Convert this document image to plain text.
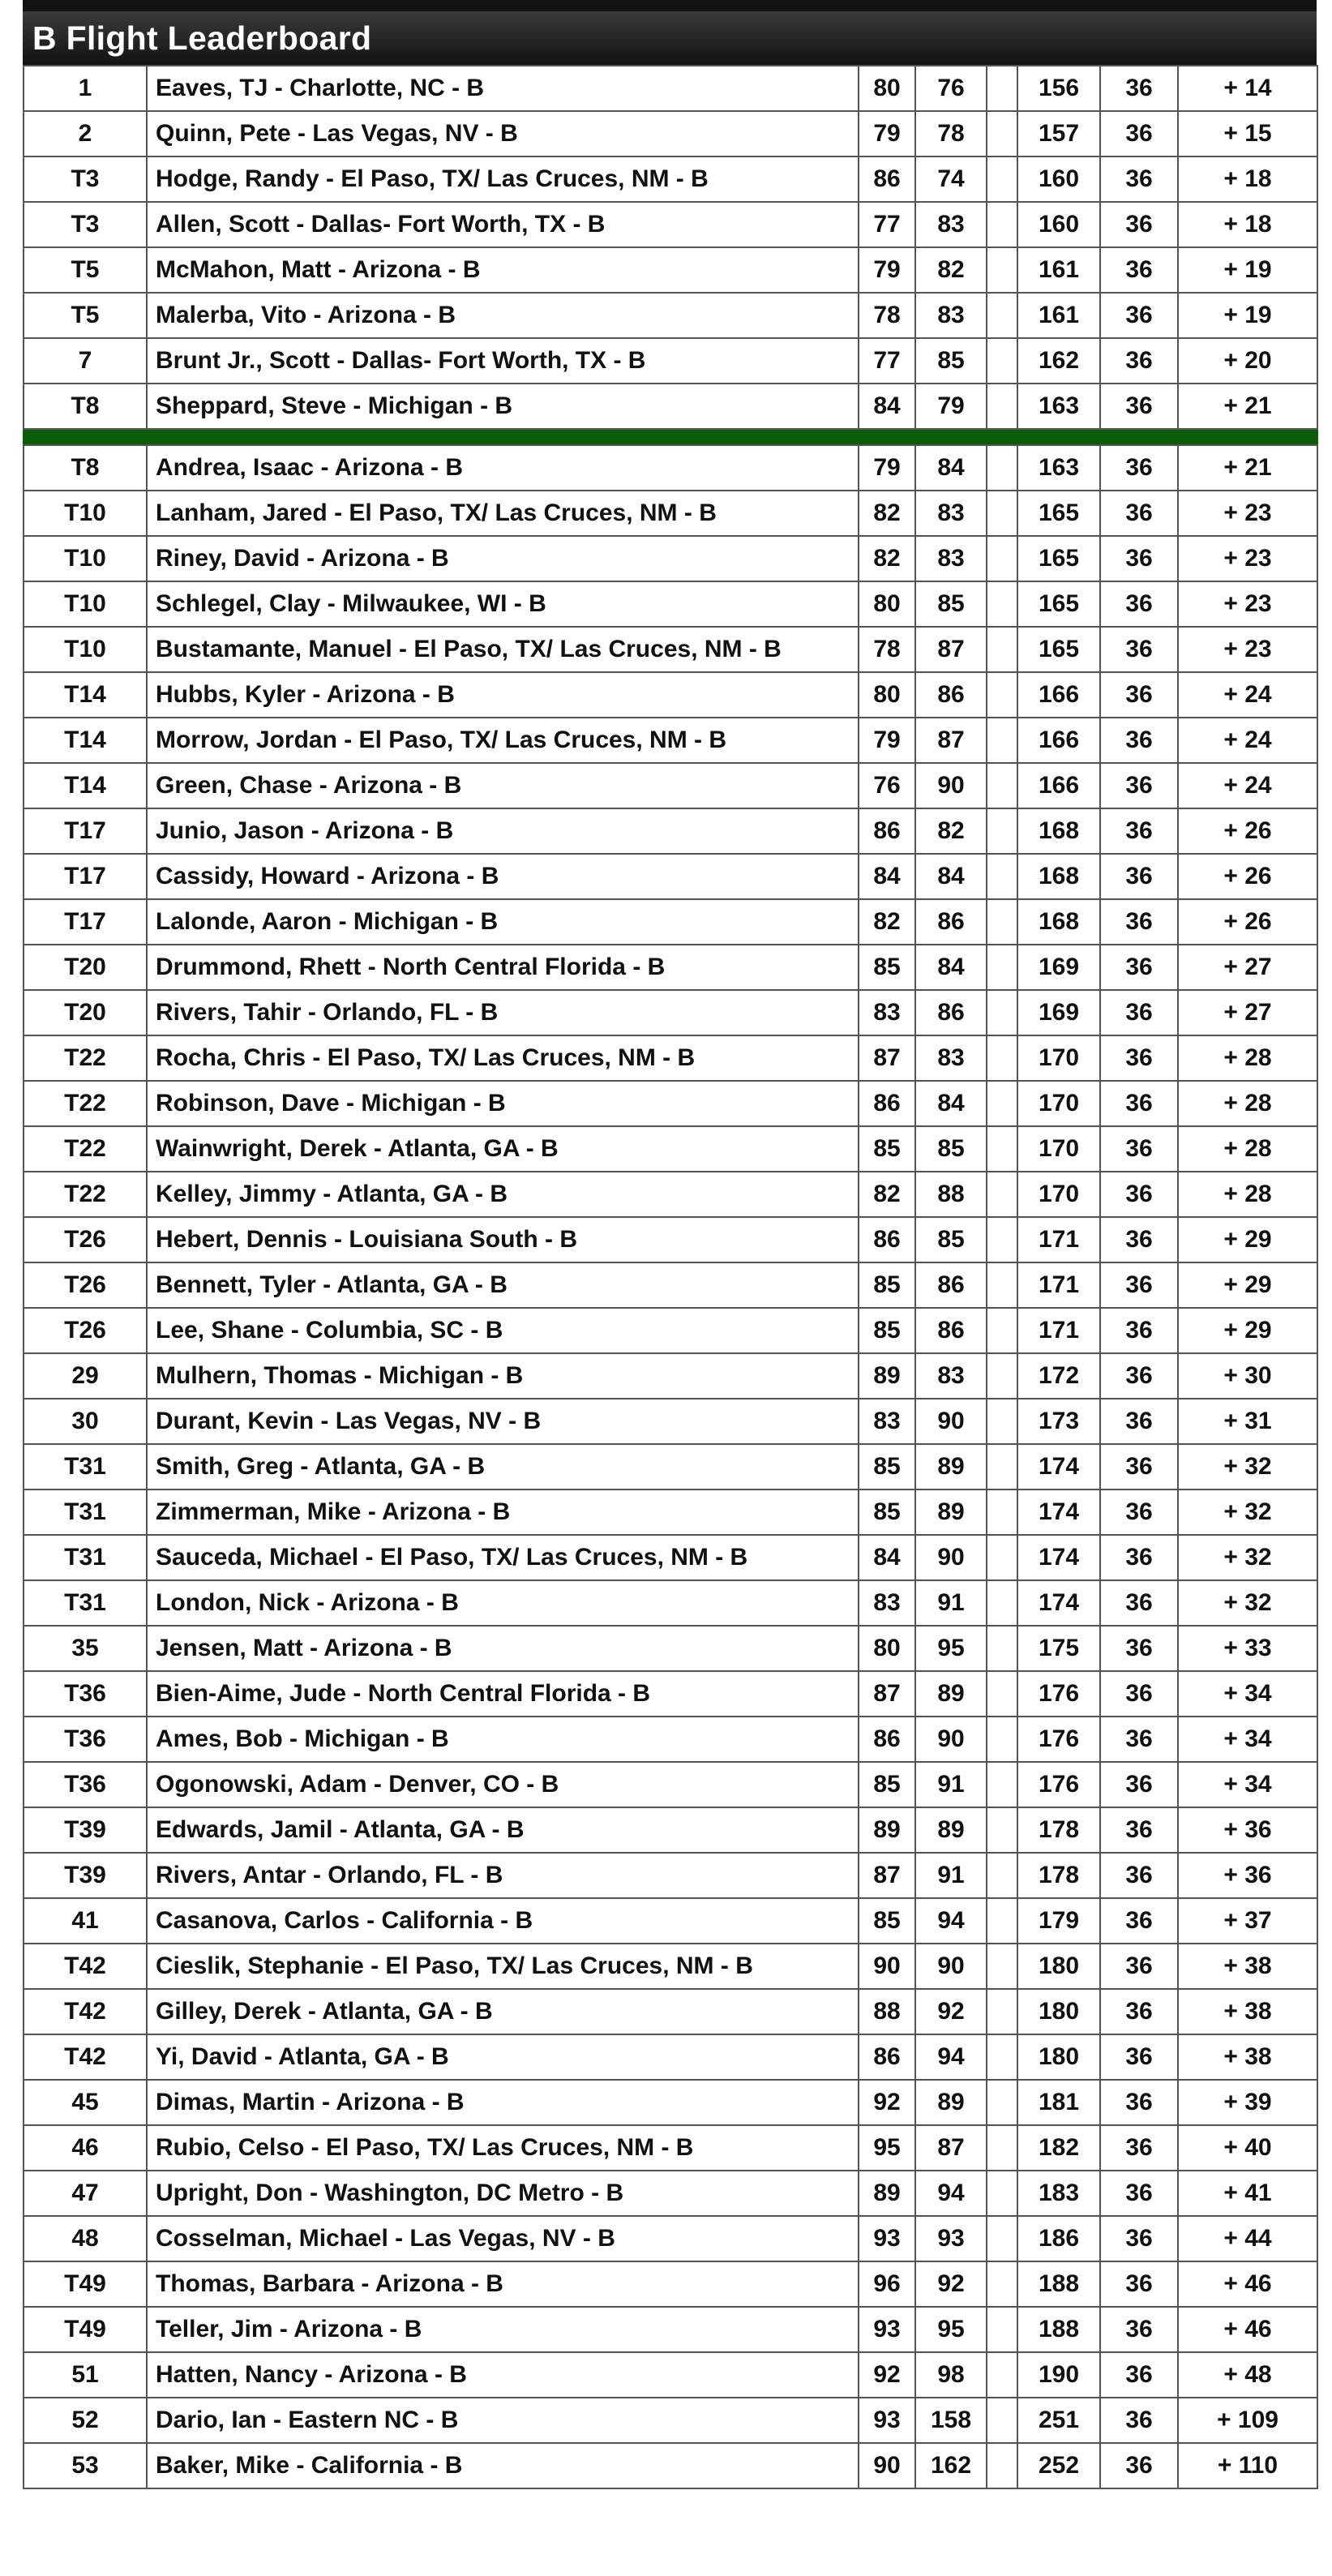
B Flight Leaderboard
1	Eaves, TJ - Charlotte, NC - B	80	76		156	36	+ 14
2	Quinn, Pete - Las Vegas, NV - B	79	78		157	36	+ 15
T3	Hodge, Randy - El Paso, TX/ Las Cruces, NM - B	86	74		160	36	+ 18
T3	Allen, Scott - Dallas- Fort Worth, TX - B	77	83		160	36	+ 18
T5	McMahon, Matt - Arizona - B	79	82		161	36	+ 19
T5	Malerba, Vito - Arizona - B	78	83		161	36	+ 19
7	Brunt Jr., Scott - Dallas- Fort Worth, TX - B	77	85		162	36	+ 20
T8	Sheppard, Steve - Michigan - B	84	79		163	36	+ 21

T8	Andrea, Isaac - Arizona - B	79	84		163	36	+ 21
T10	Lanham, Jared - El Paso, TX/ Las Cruces, NM - B	82	83		165	36	+ 23
T10	Riney, David - Arizona - B	82	83		165	36	+ 23
T10	Schlegel, Clay - Milwaukee, WI - B	80	85		165	36	+ 23
T10	Bustamante, Manuel - El Paso, TX/ Las Cruces, NM - B	78	87		165	36	+ 23
T14	Hubbs, Kyler - Arizona - B	80	86		166	36	+ 24
T14	Morrow, Jordan - El Paso, TX/ Las Cruces, NM - B	79	87		166	36	+ 24
T14	Green, Chase - Arizona - B	76	90		166	36	+ 24
T17	Junio, Jason - Arizona - B	86	82		168	36	+ 26
T17	Cassidy, Howard - Arizona - B	84	84		168	36	+ 26
T17	Lalonde, Aaron - Michigan - B	82	86		168	36	+ 26
T20	Drummond, Rhett - North Central Florida - B	85	84		169	36	+ 27
T20	Rivers, Tahir - Orlando, FL - B	83	86		169	36	+ 27
T22	Rocha, Chris - El Paso, TX/ Las Cruces, NM - B	87	83		170	36	+ 28
T22	Robinson, Dave - Michigan - B	86	84		170	36	+ 28
T22	Wainwright, Derek - Atlanta, GA - B	85	85		170	36	+ 28
T22	Kelley, Jimmy - Atlanta, GA - B	82	88		170	36	+ 28
T26	Hebert, Dennis - Louisiana South - B	86	85		171	36	+ 29
T26	Bennett, Tyler - Atlanta, GA - B	85	86		171	36	+ 29
T26	Lee, Shane - Columbia, SC - B	85	86		171	36	+ 29
29	Mulhern, Thomas - Michigan - B	89	83		172	36	+ 30
30	Durant, Kevin - Las Vegas, NV - B	83	90		173	36	+ 31
T31	Smith, Greg - Atlanta, GA - B	85	89		174	36	+ 32
T31	Zimmerman, Mike - Arizona - B	85	89		174	36	+ 32
T31	Sauceda, Michael - El Paso, TX/ Las Cruces, NM - B	84	90		174	36	+ 32
T31	London, Nick - Arizona - B	83	91		174	36	+ 32
35	Jensen, Matt - Arizona - B	80	95		175	36	+ 33
T36	Bien-Aime, Jude - North Central Florida - B	87	89		176	36	+ 34
T36	Ames, Bob - Michigan - B	86	90		176	36	+ 34
T36	Ogonowski, Adam - Denver, CO - B	85	91		176	36	+ 34
T39	Edwards, Jamil - Atlanta, GA - B	89	89		178	36	+ 36
T39	Rivers, Antar - Orlando, FL - B	87	91		178	36	+ 36
41	Casanova, Carlos - California - B	85	94		179	36	+ 37
T42	Cieslik, Stephanie - El Paso, TX/ Las Cruces, NM - B	90	90		180	36	+ 38
T42	Gilley, Derek - Atlanta, GA - B	88	92		180	36	+ 38
T42	Yi, David - Atlanta, GA - B	86	94		180	36	+ 38
45	Dimas, Martin - Arizona - B	92	89		181	36	+ 39
46	Rubio, Celso - El Paso, TX/ Las Cruces, NM - B	95	87		182	36	+ 40
47	Upright, Don - Washington, DC Metro - B	89	94		183	36	+ 41
48	Cosselman, Michael - Las Vegas, NV - B	93	93		186	36	+ 44
T49	Thomas, Barbara - Arizona - B	96	92		188	36	+ 46
T49	Teller, Jim - Arizona - B	93	95		188	36	+ 46
51	Hatten, Nancy - Arizona - B	92	98		190	36	+ 48
52	Dario, Ian - Eastern NC - B	93	158		251	36	+ 109
53	Baker, Mike - California - B	90	162		252	36	+ 110
